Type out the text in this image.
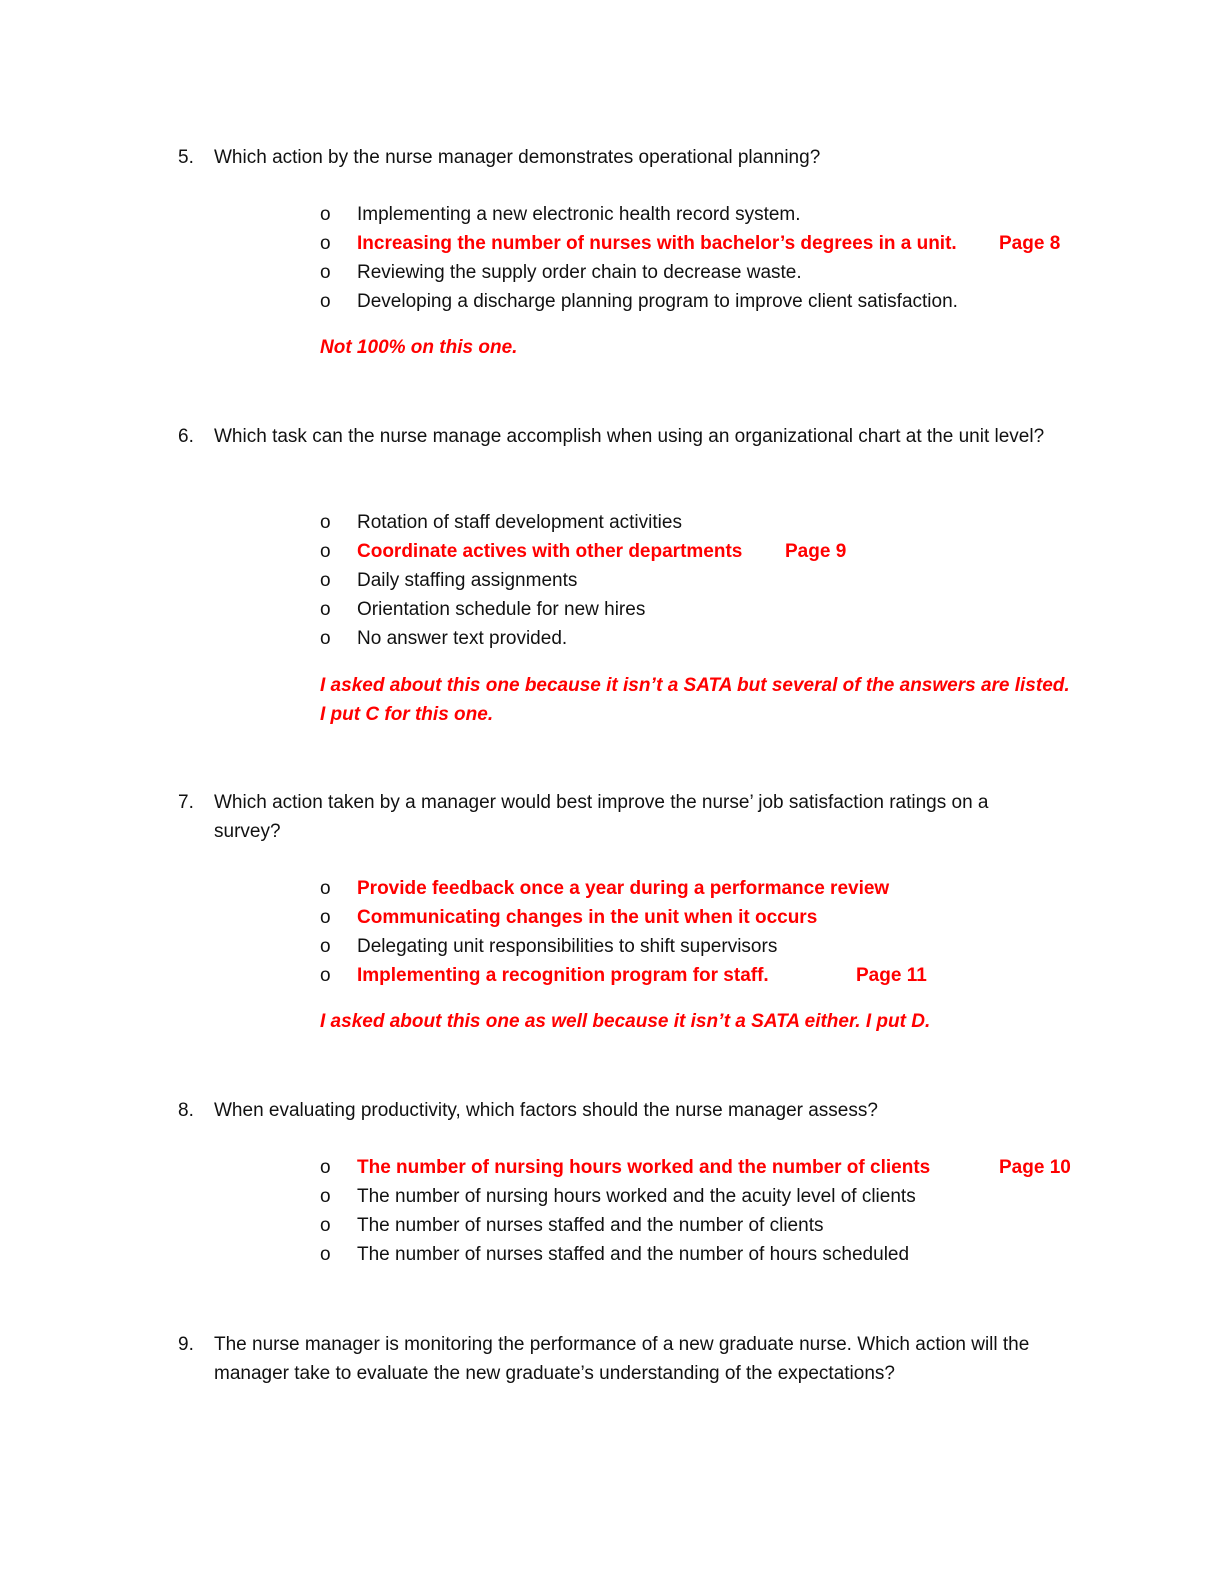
5. Which action by the nurse manager demonstrates operational planning?
o Implementing a new electronic health record system.
o Increasing the number of nurses with bachelor’s degrees in a unit. Page 8
o Reviewing the supply order chain to decrease waste.
o Developing a discharge planning program to improve client satisfaction.
Not 100% on this one.
6. Which task can the nurse manage accomplish when using an organizational chart at the unit level?
o Rotation of staff development activities
o Coordinate actives with other departments Page 9
o Daily staffing assignments
o Orientation schedule for new hires
o No answer text provided.
I asked about this one because it isn’t a SATA but several of the answers are listed.
I put C for this one.
7. Which action taken by a manager would best improve the nurse’ job satisfaction ratings on a survey?
o Provide feedback once a year during a performance review
o Communicating changes in the unit when it occurs
o Delegating unit responsibilities to shift supervisors
o Implementing a recognition program for staff.	Page 11
I asked about this one as well because it isn’t a SATA either. I put D.
8. When evaluating productivity, which factors should the nurse manager assess?
o The number of nursing hours worked and the number of clients	Page 10
o The number of nursing hours worked and the acuity level of clients
o The number of nurses staffed and the number of clients
o The number of nurses staffed and the number of hours scheduled
9. The nurse manager is monitoring the performance of a new graduate nurse. Which action will the manager take to evaluate the new graduate’s understanding of the expectations?
